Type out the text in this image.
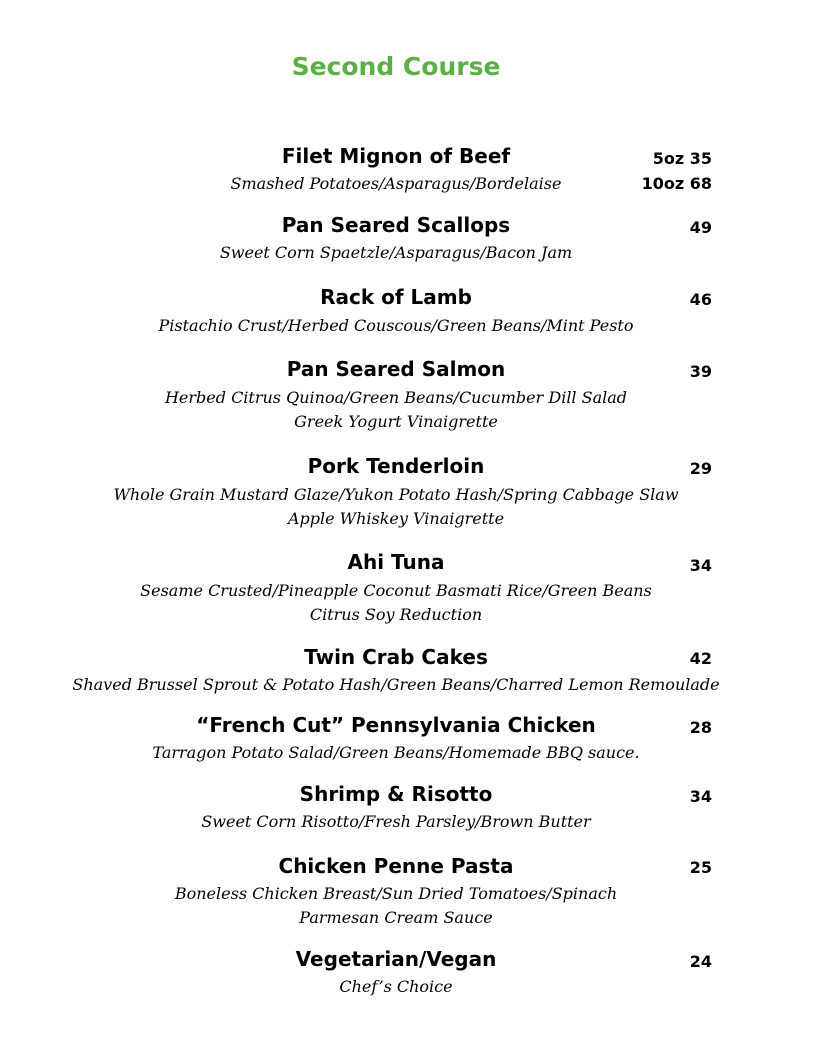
Second Course
Filet Mignon of Beef	5oz 35
Smashed Potatoes/Asparagus/Bordelaise	10oz 68
Pan Seared Scallops	49
Sweet Corn Spaetzle/Asparagus/Bacon Jam
Rack of Lamb	46
Pistachio Crust/Herbed Couscous/Green Beans/Mint Pesto
Pan Seared Salmon	39
Herbed Citrus Quinoa/Green Beans/Cucumber Dill Salad
Greek Yogurt Vinaigrette
Pork Tenderloin	29
Whole Grain Mustard Glaze/Yukon Potato Hash/Spring Cabbage Slaw
Apple Whiskey Vinaigrette
Ahi Tuna	34
Sesame Crusted/Pineapple Coconut Basmati Rice/Green Beans
Citrus Soy Reduction
Twin Crab Cakes	42
Shaved Brussel Sprout & Potato Hash/Green Beans/Charred Lemon Remoulade
“French Cut” Pennsylvania Chicken	28
Tarragon Potato Salad/Green Beans/Homemade BBQ sauce.
Shrimp & Risotto	34
Sweet Corn Risotto/Fresh Parsley/Brown Butter
Chicken Penne Pasta	25
Boneless Chicken Breast/Sun Dried Tomatoes/Spinach
Parmesan Cream Sauce
Vegetarian/Vegan	24
Chef’s Choice
